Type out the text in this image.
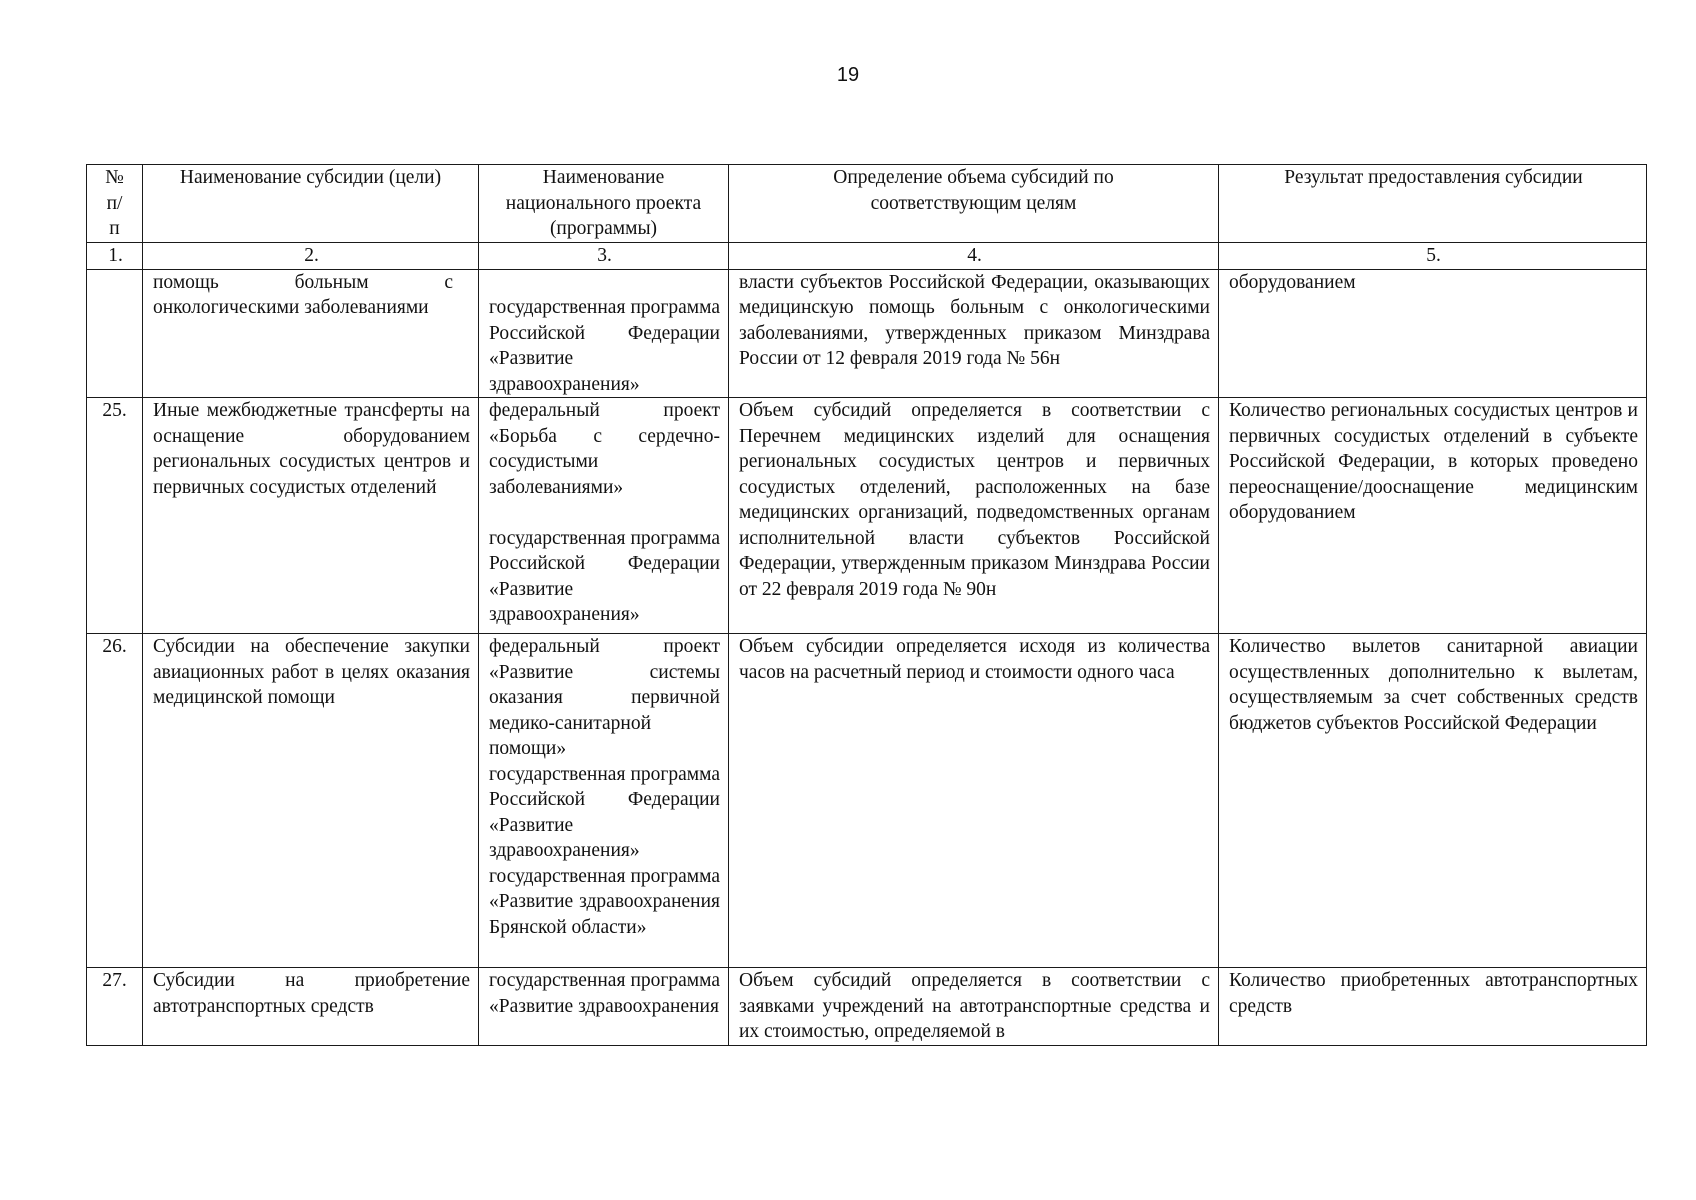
19
№ п/п	Наименование субсидии (цели)	Наименование национального проекта (программы)	Определение объема субсидий по соответствующим целям	Результат предоставления субсидии
1.	2.	3.	4.	5.

	помощь больным с онкологическими заболеваниями	государственная программа Российской Федерации «Развитие здравоохранения»	власти субъектов Российской Федерации, оказывающих медицинскую помощь больным с онкологическими заболеваниями, утвержденных приказом Минздрава России от 12 февраля 2019 года № 56н	оборудованием

25.	Иные межбюджетные трансферты на оснащение оборудованием региональных сосудистых центров и первичных сосудистых отделений	федеральный проект «Борьба с сердечно-сосудистыми заболеваниями»
государственная программа Российской Федерации «Развитие здравоохранения»	Объем субсидий определяется в соответствии с Перечнем медицинских изделий для оснащения региональных сосудистых центров и первичных сосудистых отделений, расположенных на базе медицинских организаций, подведомственных органам исполнительной власти субъектов Российской Федерации, утвержденным приказом Минздрава России от 22 февраля 2019 года № 90н	Количество региональных сосудистых центров и первичных сосудистых отделений в субъекте Российской Федерации, в которых проведено переоснащение/дооснащение медицинским оборудованием

26.	Субсидии на обеспечение закупки авиационных работ в целях оказания медицинской помощи	федеральный проект «Развитие системы оказания первичной медико-санитарной помощи»
государственная программа Российской Федерации «Развитие здравоохранения»
государственная программа «Развитие здравоохранения Брянской области»	Объем субсидии определяется исходя из количества часов на расчетный период и стоимости одного часа	Количество вылетов санитарной авиации осуществленных дополнительно к вылетам, осуществляемым за счет собственных средств бюджетов субъектов Российской Федерации

27.	Субсидии на приобретение автотранспортных средств	государственная программа «Развитие здравоохранения	Объем субсидий определяется в соответствии с заявками учреждений на автотранспортные средства и их стоимостью, определяемой в	Количество приобретенных автотранспортных средств
